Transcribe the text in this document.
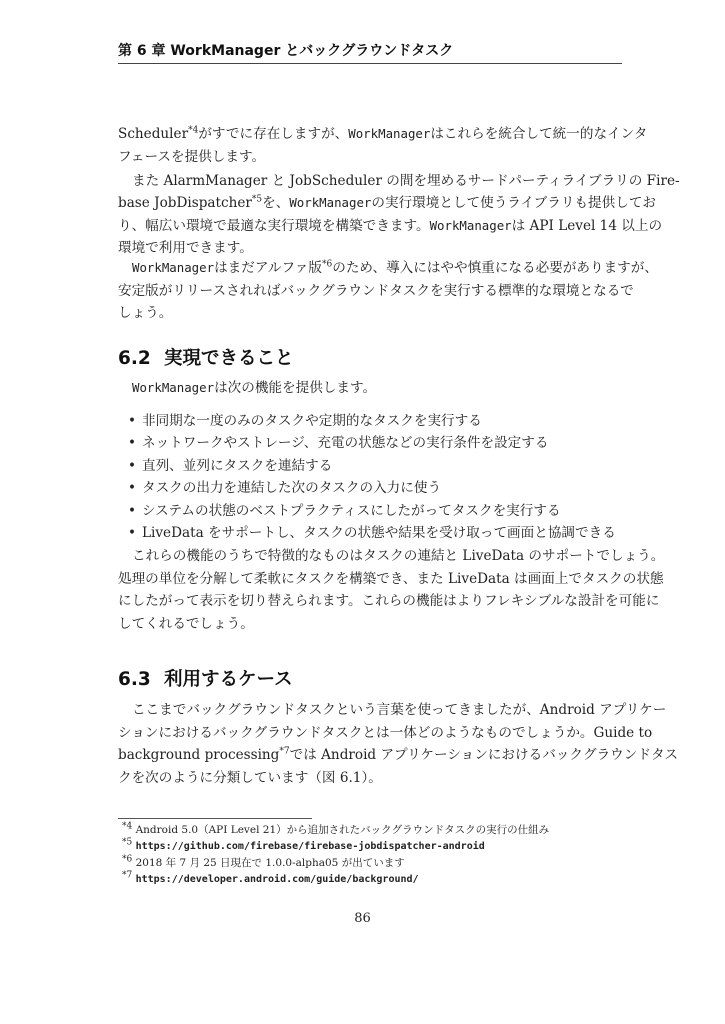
第 6 章 WorkManager とバックグラウンドタスク
Scheduler$^{*4}$がすでに存在しますが、WorkManagerはこれらを統合して統一的なインタ
フェースを提供します。
また AlarmManager と JobScheduler の間を埋めるサードパーティライブラリの Fire-
base JobDispatcher$^{*5}$を、WorkManagerの実行環境として使うライブラリも提供してお
り、幅広い環境で最適な実行環境を構築できます。WorkManagerは API Level 14 以上の
環境で利用できます。
WorkManagerはまだアルファ版$^{*6}$のため、導入にはやや慎重になる必要がありますが、
安定版がリリースされればバックグラウンドタスクを実行する標準的な環境となるで
しょう。
6.2 実現できること
WorkManagerは次の機能を提供します。
• 非同期な一度のみのタスクや定期的なタスクを実行する
• ネットワークやストレージ、充電の状態などの実行条件を設定する
• 直列、並列にタスクを連結する
• タスクの出力を連結した次のタスクの入力に使う
• システムの状態のベストプラクティスにしたがってタスクを実行する
• LiveData をサポートし、タスクの状態や結果を受け取って画面と協調できる
これらの機能のうちで特徴的なものはタスクの連結と LiveData のサポートでしょう。
処理の単位を分解して柔軟にタスクを構築でき、また LiveData は画面上でタスクの状態
にしたがって表示を切り替えられます。これらの機能はよりフレキシブルな設計を可能に
してくれるでしょう。
6.3 利用するケース
ここまでバックグラウンドタスクという言葉を使ってきましたが、Android アプリケー
ションにおけるバックグラウンドタスクとは一体どのようなものでしょうか。Guide to
background processing$^{*7}$では Android アプリケーションにおけるバックグラウンドタス
クを次のように分類しています（図 6.1）。
$^{*4}$ Android 5.0（API Level 21）から追加されたバックグラウンドタスクの実行の仕組み
$^{*5}$ https://github.com/firebase/firebase-jobdispatcher-android
$^{*6}$ 2018 年 7 月 25 日現在で 1.0.0-alpha05 が出ています
$^{*7}$ https://developer.android.com/guide/background/
86
